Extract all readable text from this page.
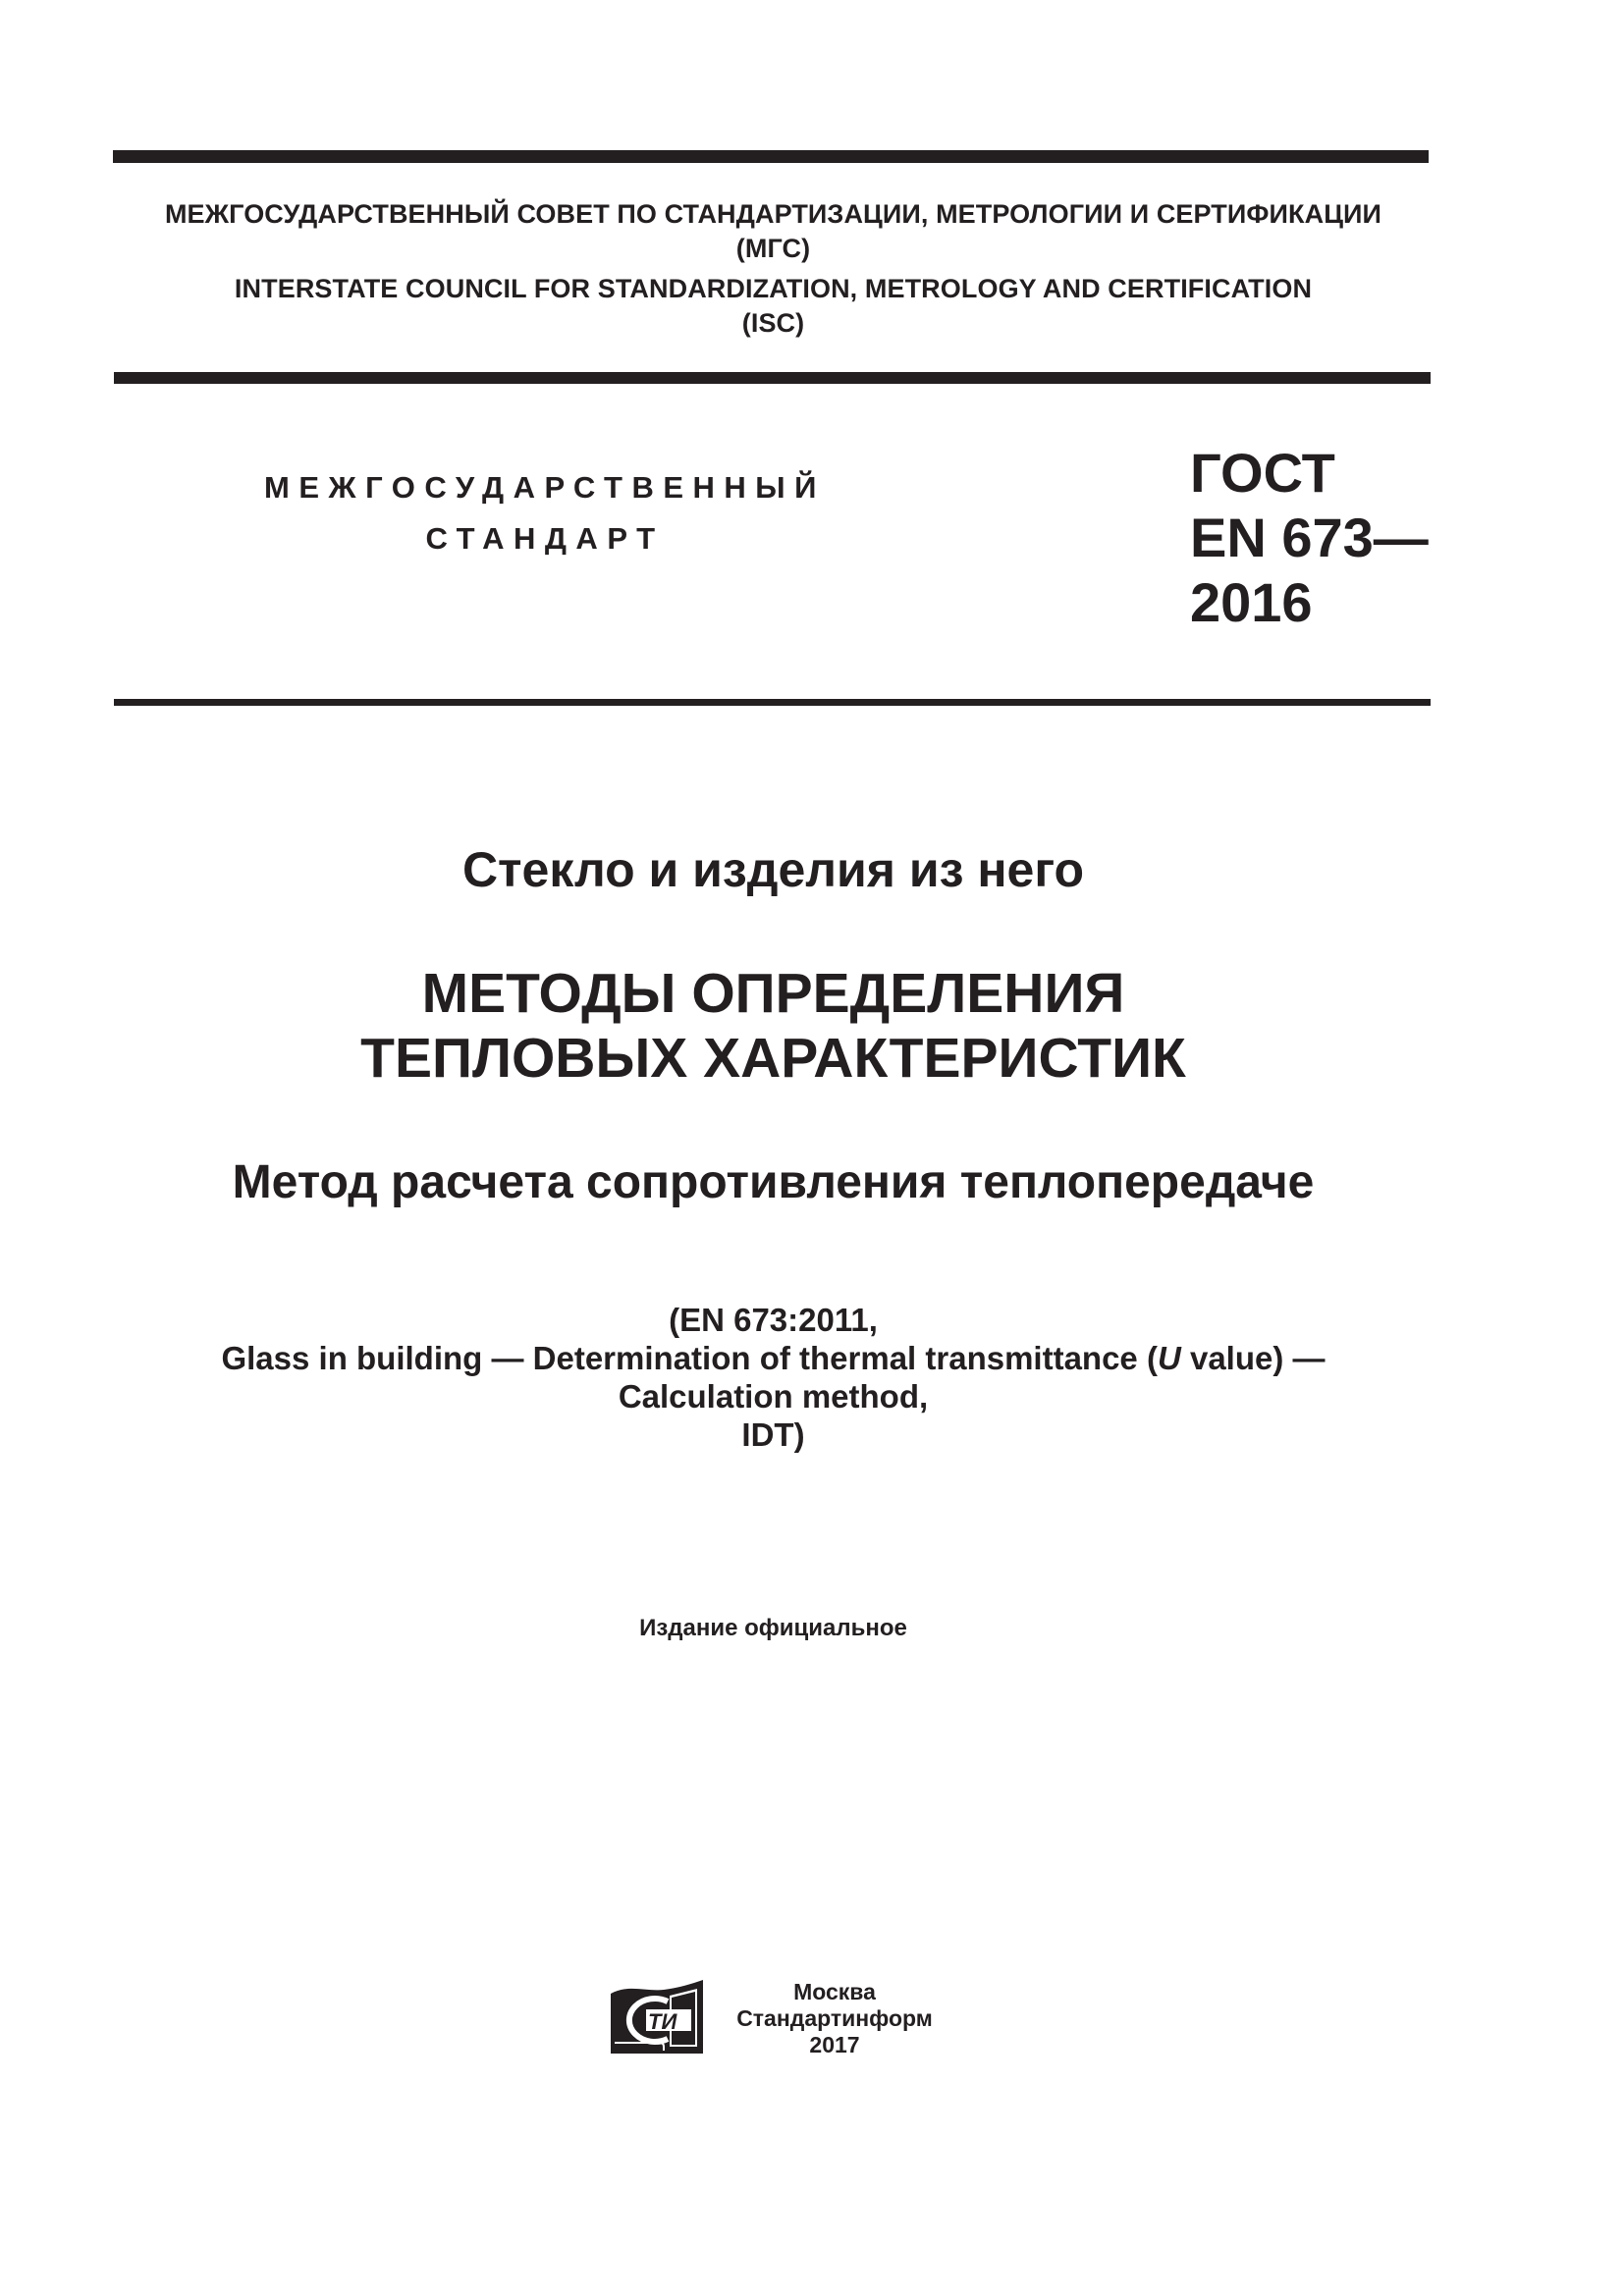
МЕЖГОСУДАРСТВЕННЫЙ СОВЕТ ПО СТАНДАРТИЗАЦИИ, МЕТРОЛОГИИ И СЕРТИФИКАЦИИ
(МГС)
INTERSTATE COUNCIL FOR STANDARDIZATION, METROLOGY AND CERTIFICATION
(ISC)
МЕЖГОСУДАРСТВЕННЫЙ
СТАНДАРТ
ГОСТ
EN 673—
2016
Стекло и изделия из него
МЕТОДЫ ОПРЕДЕЛЕНИЯ
ТЕПЛОВЫХ ХАРАКТЕРИСТИК
Метод расчета сопротивления теплопередаче
(EN 673:2011,
Glass in building — Determination of thermal transmittance (U value) —
Calculation method,
IDT)
Издание официальное
ТИ
Москва
Стандартинформ
2017
